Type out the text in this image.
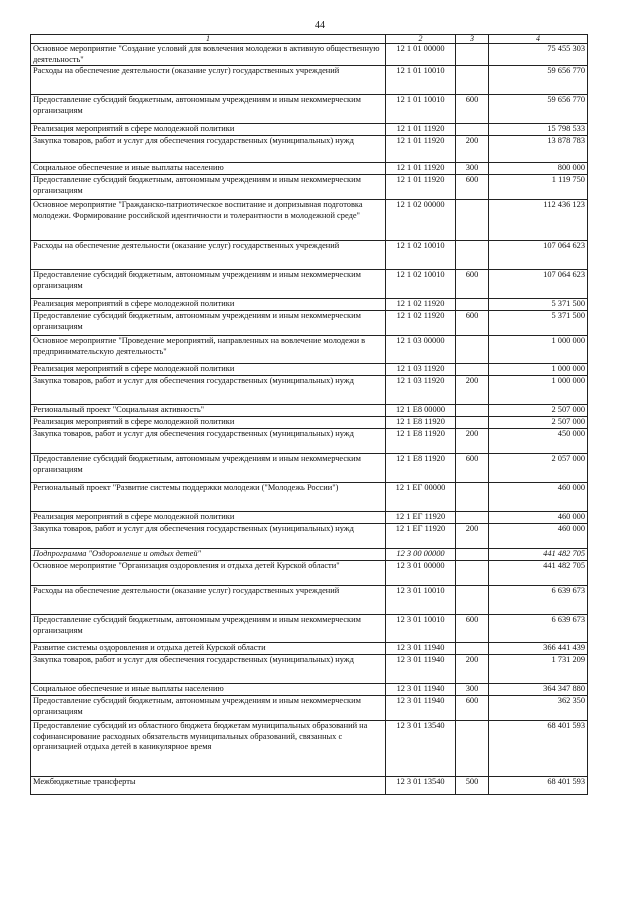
44
1	2	3	4
Основное мероприятие "Создание условий для вовлечения молодежи в активную общественную деятельность"	12 1 01 00000		75 455 303
Расходы на обеспечение деятельности (оказание услуг) государственных учреждений	12 1 01 10010		59 656 770
Предоставление субсидий бюджетным, автономным учреждениям и иным некоммерческим организациям	12 1 01 10010	600	59 656 770
Реализация мероприятий в сфере молодежной политики	12 1 01 11920		15 798 533
Закупка товаров, работ и услуг для обеспечения государственных (муниципальных) нужд	12 1 01 11920	200	13 878 783
Социальное обеспечение и иные выплаты населению	12 1 01 11920	300	800 000
Предоставление субсидий бюджетным, автономным учреждениям и иным некоммерческим организациям	12 1 01 11920	600	1 119 750
Основное мероприятие "Гражданско-патриотическое воспитание и допризывная подготовка молодежи. Формирование российской идентичности и толерантности в молодежной среде"	12 1 02 00000		112 436 123
Расходы на обеспечение деятельности (оказание услуг) государственных учреждений	12 1 02 10010		107 064 623
Предоставление субсидий бюджетным, автономным учреждениям и иным некоммерческим организациям	12 1 02 10010	600	107 064 623
Реализация мероприятий в сфере молодежной политики	12 1 02 11920		5 371 500
Предоставление субсидий бюджетным, автономным учреждениям и иным некоммерческим организациям	12 1 02 11920	600	5 371 500
Основное мероприятие "Проведение мероприятий, направленных на вовлечение молодежи в предпринимательскую деятельность"	12 1 03 00000		1 000 000
Реализация мероприятий в сфере молодежной политики	12 1 03 11920		1 000 000
Закупка товаров, работ и услуг для обеспечения государственных (муниципальных) нужд	12 1 03 11920	200	1 000 000
Региональный проект "Социальная активность"	12 1 E8 00000		2 507 000
Реализация мероприятий в сфере молодежной политики	12 1 E8 11920		2 507 000
Закупка товаров, работ и услуг для обеспечения государственных (муниципальных) нужд	12 1 E8 11920	200	450 000
Предоставление субсидий бюджетным, автономным учреждениям и иным некоммерческим организациям	12 1 E8 11920	600	2 057 000
Региональный проект "Развитие системы поддержки молодежи ("Молодежь России")	12 1 ЕГ 00000		460 000
Реализация мероприятий в сфере молодежной политики	12 1 ЕГ 11920		460 000
Закупка товаров, работ и услуг для обеспечения государственных (муниципальных) нужд	12 1 ЕГ 11920	200	460 000
Подпрограмма "Оздоровление и отдых детей"	12 3 00 00000		441 482 705
Основное мероприятие "Организация оздоровления и отдыха детей Курской области"	12 3 01 00000		441 482 705
Расходы на обеспечение деятельности (оказание услуг) государственных учреждений	12 3 01 10010		6 639 673
Предоставление субсидий бюджетным, автономным учреждениям и иным некоммерческим организациям	12 3 01 10010	600	6 639 673
Развитие системы оздоровления и отдыха детей Курской области	12 3 01 11940		366 441 439
Закупка товаров, работ и услуг для обеспечения государственных (муниципальных) нужд	12 3 01 11940	200	1 731 209
Социальное обеспечение и иные выплаты населению	12 3 01 11940	300	364 347 880
Предоставление субсидий бюджетным, автономным учреждениям и иным некоммерческим организациям	12 3 01 11940	600	362 350
Предоставление субсидий из областного бюджета бюджетам муниципальных образований на софинансирование расходных обязательств муниципальных образований, связанных с организацией отдыха детей в каникулярное время	12 3 01 13540		68 401 593
Межбюджетные трансферты	12 3 01 13540	500	68 401 593
